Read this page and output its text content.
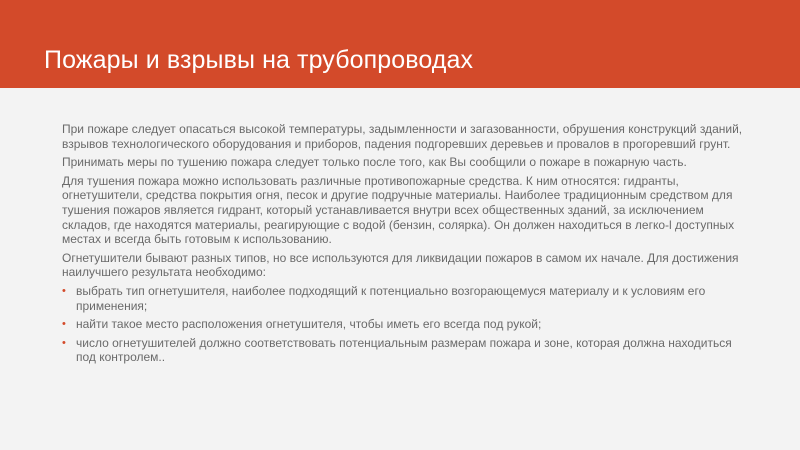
Пожары и взрывы на трубопроводах

При пожаре следует опасаться высокой температуры, задымленности и загазованности, обрушения конструкций зданий, взрывов технологического оборудования и приборов, падения подгоревших деревьев и провалов в прогоревший грунт.

Принимать меры по тушению пожара следует только после того, как Вы сообщили о пожаре в пожарную часть.

Для тушения пожара можно использовать различные противопожарные средства. К ним относятся: гидранты, огнетушители, средства покрытия огня, песок и другие подручные материалы. Наиболее традиционным средством для тушения пожаров является гидрант, который устанавливается внутри всех общественных зданий, за исключением складов, где находятся материалы, реагирующие с водой (бензин, солярка). Он должен находиться в легко-l доступных местах и всегда быть готовым к использованию.

Огнетушители бывают разных типов, но все используются для ликвидации пожаров в самом их начале. Для достижения наилучшего результата необходимо:

• выбрать тип огнетушителя, наиболее подходящий к потенциально возгорающемуся материалу и к условиям его применения;
• найти такое место расположения огнетушителя, чтобы иметь его всегда под рукой;
• число огнетушителей должно соответствовать потенциальным размерам пожара и зоне, которая должна находиться под контролем..
